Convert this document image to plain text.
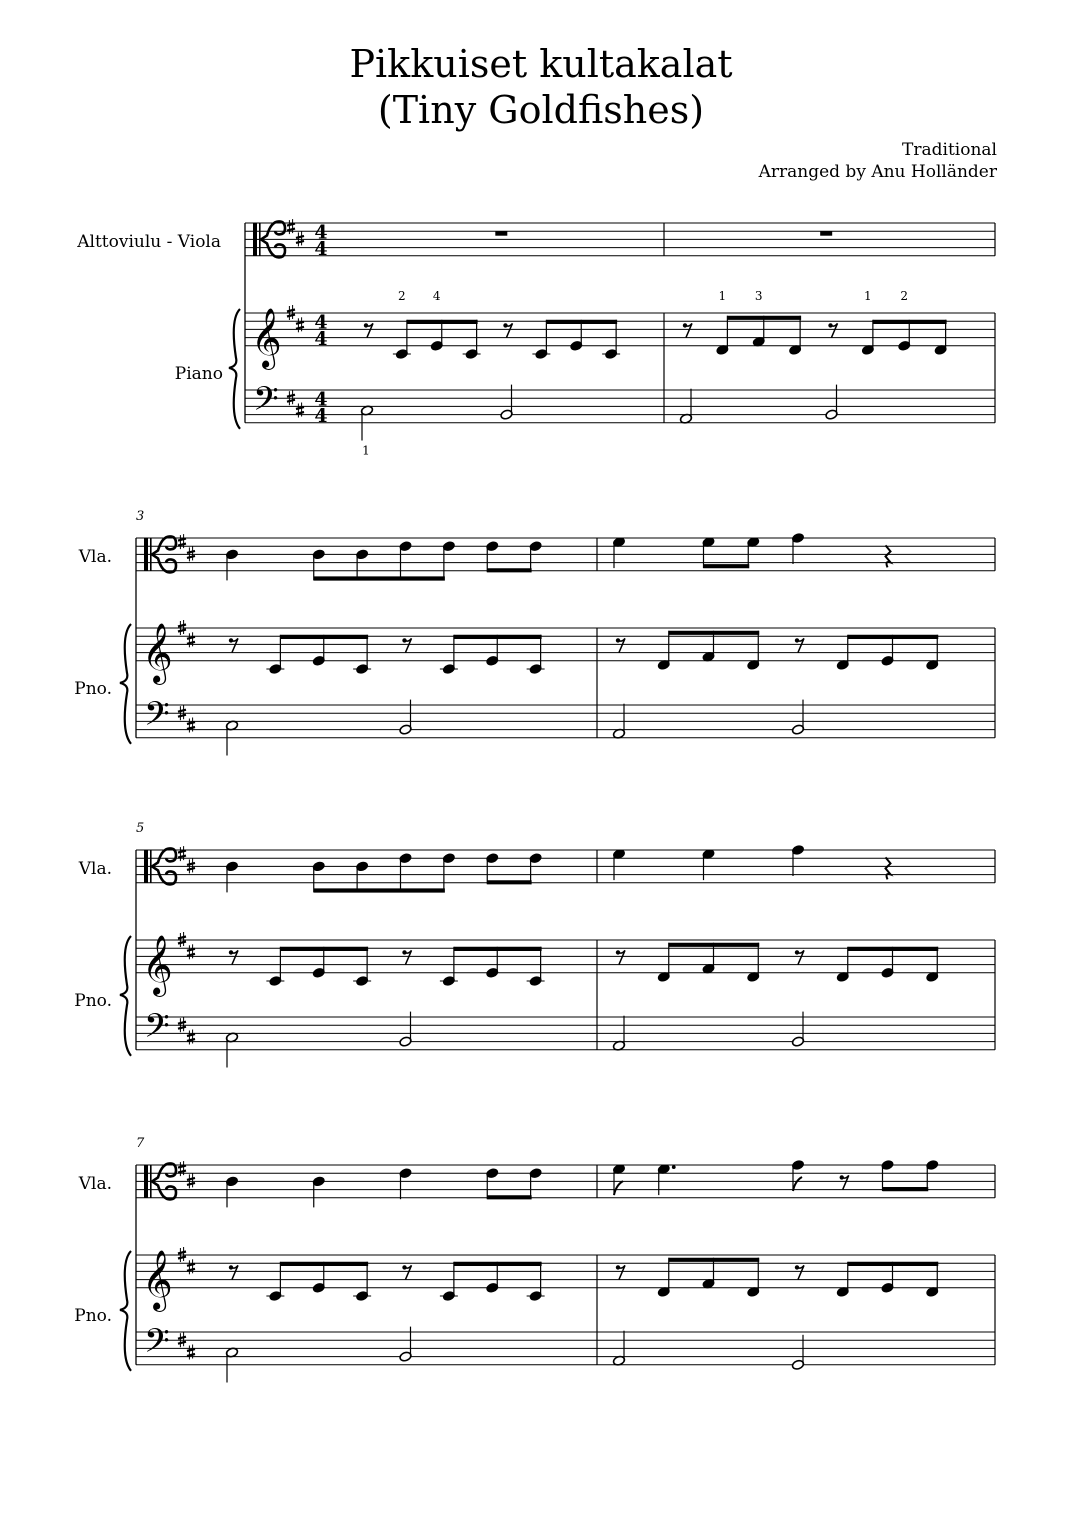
Pikkuiset kultakalat
(Tiny Goldfishes)
Traditional
Arranged by Anu Holländer
Alttoviulu - Viola
Piano
𝄞
𝄢
4
4
4
4
4
4
2 4
1
1 3	1 2
Vla.
Pno.
3
𝄞
𝄢
Vla.
Pno.
5
𝄞
𝄢
Vla.
Pno.
7
𝄞
𝄢
